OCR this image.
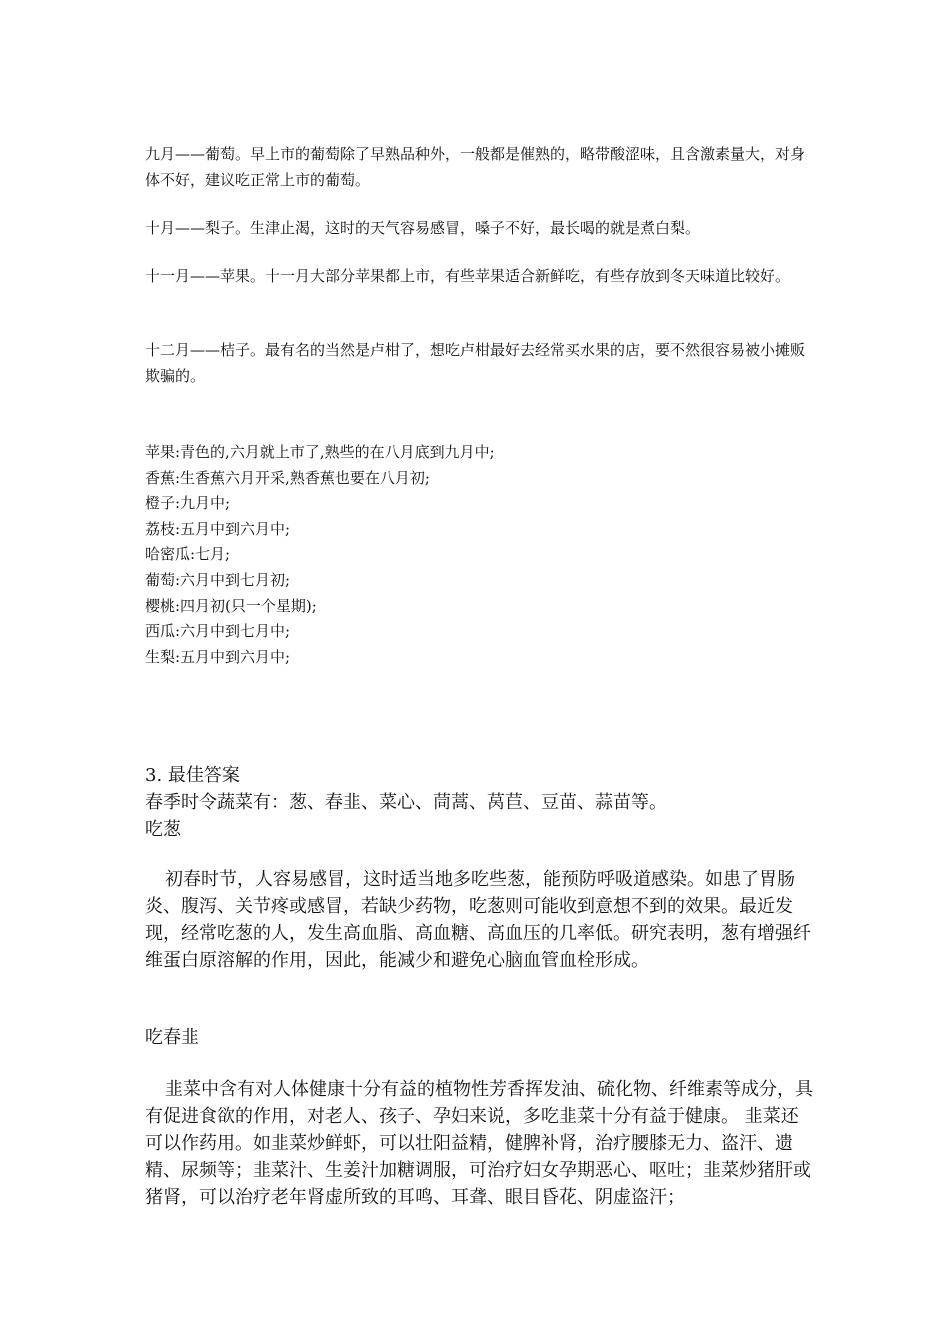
九月——葡萄。早上市的葡萄除了早熟品种外，一般都是催熟的，略带酸涩味，且含激素量大，对身体不好，建议吃正常上市的葡萄。

十月——梨子。生津止渴，这时的天气容易感冒，嗓子不好，最长喝的就是煮白梨。

十一月——苹果。十一月大部分苹果都上市，有些苹果适合新鲜吃，有些存放到冬天味道比较好。

十二月——桔子。最有名的当然是卢柑了，想吃卢柑最好去经常买水果的店，要不然很容易被小摊贩欺骗的。

苹果:青色的,六月就上市了,熟些的在八月底到九月中;

香蕉:生香蕉六月开采,熟香蕉也要在八月初;

橙子:九月中;

荔枝:五月中到六月中;

哈密瓜:七月;

葡萄:六月中到七月初;

樱桃:四月初(只一个星期);

西瓜:六月中到七月中;

生梨:五月中到六月中;

3. 最佳答案

春季时令蔬菜有：葱、春韭、菜心、茼蒿、莴苣、豆苗、蒜苗等。

吃葱

初春时节，人容易感冒，这时适当地多吃些葱，能预防呼吸道感染。如患了胃肠炎、腹泻、关节疼或感冒，若缺少药物，吃葱则可能收到意想不到的效果。最近发现，经常吃葱的人，发生高血脂、高血糖、高血压的几率低。研究表明，葱有增强纤维蛋白原溶解的作用，因此，能减少和避免心脑血管血栓形成。

吃春韭

韭菜中含有对人体健康十分有益的植物性芳香挥发油、硫化物、纤维素等成分，具有促进食欲的作用，对老人、孩子、孕妇来说，多吃韭菜十分有益于健康。 韭菜还可以作药用。如韭菜炒鲜虾，可以壮阳益精，健脾补肾，治疗腰膝无力、盗汗、遗精、尿频等；韭菜汁、生姜汁加糖调服，可治疗妇女孕期恶心、呕吐；韭菜炒猪肝或猪肾，可以治疗老年肾虚所致的耳鸣、耳聋、眼目昏花、阴虚盗汗；
